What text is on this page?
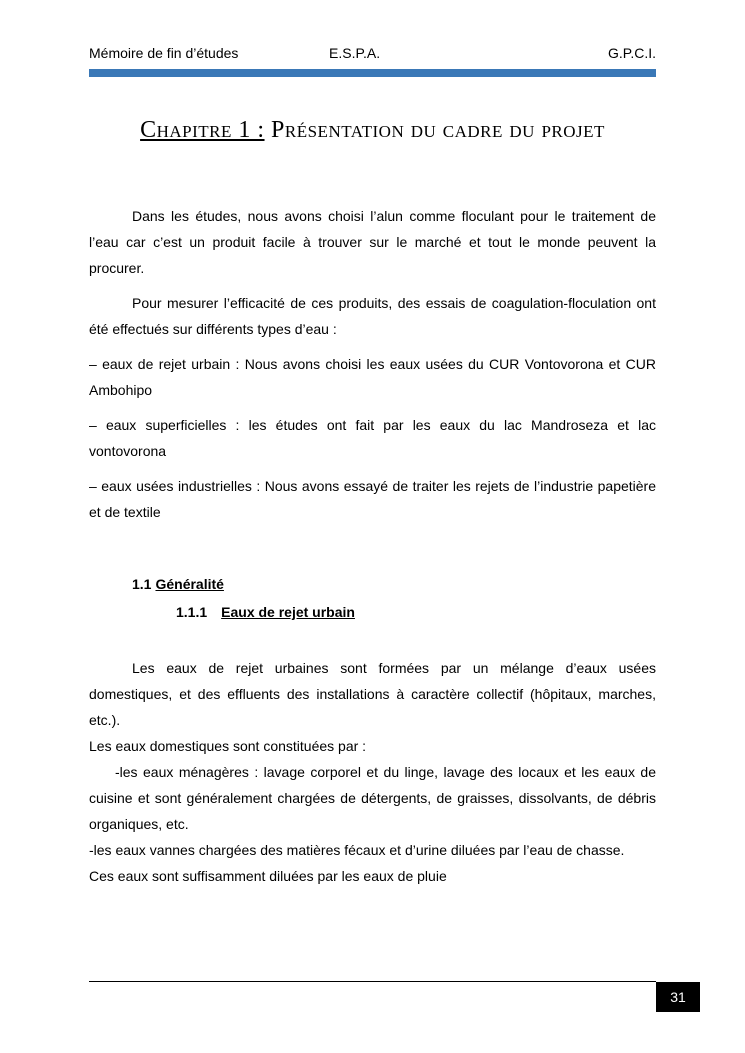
Mémoire de fin d’études	E.S.P.A.	G.P.C.I.
Chapitre 1 : Présentation du cadre du projet

Dans les études, nous avons choisi l’alun comme floculant pour le traitement de l’eau car c’est un produit facile à trouver sur le marché et tout le monde peuvent la procurer.

Pour mesurer l’efficacité de ces produits, des essais de coagulation-floculation ont été effectués sur différents types d’eau :

– eaux de rejet urbain : Nous avons choisi les eaux usées du CUR Vontovorona et CUR Ambohipo

– eaux superficielles : les études ont fait par les eaux du lac Mandroseza et lac vontovorona

– eaux usées industrielles : Nous avons essayé de traiter les rejets de l’industrie papetière et de textile

1.1 Généralité
1.1.1 Eaux de rejet urbain

Les eaux de rejet urbaines sont formées par un mélange d’eaux usées domestiques, et des effluents des installations à caractère collectif (hôpitaux, marches, etc.).

Les eaux domestiques sont constituées par :

-les eaux ménagères : lavage corporel et du linge, lavage des locaux et les eaux de cuisine et sont généralement chargées de détergents, de graisses, dissolvants, de débris organiques, etc.

-les eaux vannes chargées des matières fécaux et d’urine diluées par l’eau de chasse.

Ces eaux sont suffisamment diluées par les eaux de pluie

31
